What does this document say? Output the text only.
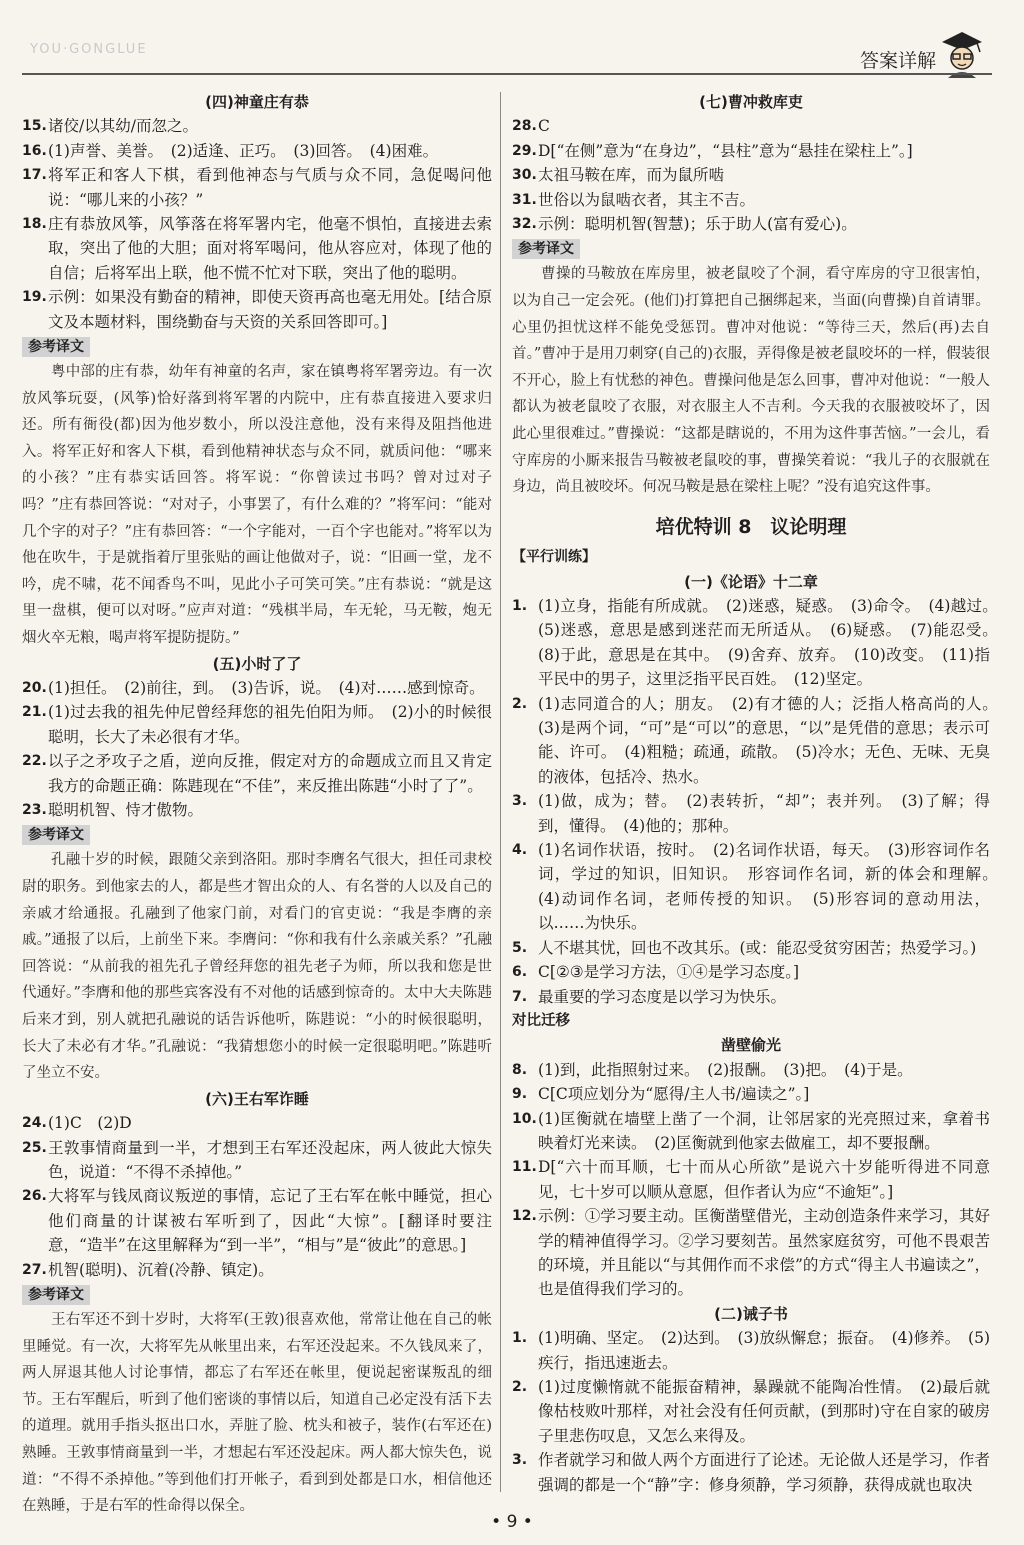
YOU·GONGLUE
答案详解
(四)神童庄有恭
15. 诸佼/以其幼/而忽之。
16. (1)声誉、美誉。　(2)适逢、正巧。　(3)回答。　(4)困难。
17. 将军正和客人下棋，看到他神态与气质与众不同，急促喝问他说：“哪儿来的小孩？”
18. 庄有恭放风筝，风筝落在将军署内宅，他毫不惧怕，直接进去索取，突出了他的大胆；面对将军喝问，他从容应对，体现了他的自信；后将军出上联，他不慌不忙对下联，突出了他的聪明。
19. 示例：如果没有勤奋的精神，即使天资再高也毫无用处。[结合原文及本题材料，围绕勤奋与天资的关系回答即可。]
参考译文
粤中部的庄有恭，幼年有神童的名声，家在镇粤将军署旁边。有一次放风筝玩耍，(风筝)恰好落到将军署的内院中，庄有恭直接进入要求归还。所有衙役(都)因为他岁数小，所以没注意他，没有来得及阻挡他进入。将军正好和客人下棋，看到他精神状态与众不同，就质问他：“哪来的小孩？”庄有恭实话回答。将军说：“你曾读过书吗？曾对过对子吗？”庄有恭回答说：“对对子，小事罢了，有什么难的？”将军问：“能对几个字的对子？”庄有恭回答：“一个字能对，一百个字也能对。”将军以为他在吹牛，于是就指着厅里张贴的画让他做对子，说：“旧画一堂，龙不吟，虎不啸，花不闻香鸟不叫，见此小子可笑可笑。”庄有恭说：“就是这里一盘棋，便可以对呀。”应声对道：“残棋半局，车无轮，马无鞍，炮无烟火卒无粮，喝声将军提防提防。”
(五)小时了了
20. (1)担任。　(2)前往，到。　(3)告诉，说。　(4)对……感到惊奇。
21. (1)过去我的祖先仲尼曾经拜您的祖先伯阳为师。　(2)小的时候很聪明，长大了未必很有才华。
22. 以子之矛攻子之盾，逆向反推，假定对方的命题成立而且又肯定我方的命题正确：陈韪现在“不佳”，来反推出陈韪“小时了了”。
23. 聪明机智、恃才傲物。
参考译文
孔融十岁的时候，跟随父亲到洛阳。那时李膺名气很大，担任司隶校尉的职务。到他家去的人，都是些才智出众的人、有名誉的人以及自己的亲戚才给通报。孔融到了他家门前，对看门的官吏说：“我是李膺的亲戚。”通报了以后，上前坐下来。李膺问：“你和我有什么亲戚关系？”孔融回答说：“从前我的祖先孔子曾经拜您的祖先老子为师，所以我和您是世代通好。”李膺和他的那些宾客没有不对他的话感到惊奇的。太中大夫陈韪后来才到，别人就把孔融说的话告诉他听，陈韪说：“小的时候很聪明，长大了未必有才华。”孔融说：“我猜想您小的时候一定很聪明吧。”陈韪听了坐立不安。
(六)王右军诈睡
24. (1)C　(2)D
25. 王敦事情商量到一半，才想到王右军还没起床，两人彼此大惊失色，说道：“不得不杀掉他。”
26. 大将军与钱凤商议叛逆的事情，忘记了王右军在帐中睡觉，担心他们商量的计谋被右军听到了，因此“大惊”。[翻译时要注意，“造半”在这里解释为“到一半”，“相与”是“彼此”的意思。]
27. 机智(聪明)、沉着(冷静、镇定)。
参考译文
王右军还不到十岁时，大将军(王敦)很喜欢他，常常让他在自己的帐里睡觉。有一次，大将军先从帐里出来，右军还没起来。不久钱凤来了，两人屏退其他人讨论事情，都忘了右军还在帐里，便说起密谋叛乱的细节。王右军醒后，听到了他们密谈的事情以后，知道自己必定没有活下去的道理。就用手指头抠出口水，弄脏了脸、枕头和被子，装作(右军还在)熟睡。王敦事情商量到一半，才想起右军还没起床。两人都大惊失色，说道：“不得不杀掉他。”等到他们打开帐子，看到到处都是口水，相信他还在熟睡，于是右军的性命得以保全。
(七)曹冲救库吏
28. C
29. D[“在侧”意为“在身边”，“县柱”意为“悬挂在梁柱上”。]
30. 太祖马鞍在库，而为鼠所啮
31. 世俗以为鼠啮衣者，其主不吉。
32. 示例：聪明机智(智慧)；乐于助人(富有爱心)。
参考译文
曹操的马鞍放在库房里，被老鼠咬了个洞，看守库房的守卫很害怕，以为自己一定会死。(他们)打算把自己捆绑起来，当面(向曹操)自首请罪。心里仍担忧这样不能免受惩罚。曹冲对他说：“等待三天，然后(再)去自首。”曹冲于是用刀刺穿(自己的)衣服，弄得像是被老鼠咬坏的一样，假装很不开心，脸上有忧愁的神色。曹操问他是怎么回事，曹冲对他说：“一般人都认为被老鼠咬了衣服，对衣服主人不吉利。今天我的衣服被咬坏了，因此心里很难过。”曹操说：“这都是瞎说的，不用为这件事苦恼。”一会儿，看守库房的小厮来报告马鞍被老鼠咬的事，曹操笑着说：“我儿子的衣服就在身边，尚且被咬坏。何况马鞍是悬在梁柱上呢？”没有追究这件事。
培优特训 8　议论明理
【平行训练】
(一)《论语》十二章
1. (1)立身，指能有所成就。　(2)迷惑，疑惑。　(3)命令。　(4)越过。　(5)迷惑，意思是感到迷茫而无所适从。　(6)疑惑。　(7)能忍受。　(8)于此，意思是在其中。　(9)舍弃、放弃。　(10)改变。　(11)指平民中的男子，这里泛指平民百姓。　(12)坚定。
2. (1)志同道合的人；朋友。　(2)有才德的人；泛指人格高尚的人。　(3)是两个词，“可”是“可以”的意思，“以”是凭借的意思；表示可能、许可。　(4)粗糙；疏通，疏散。　(5)冷水；无色、无味、无臭的液体，包括冷、热水。
3. (1)做，成为；替。　(2)表转折，“却”；表并列。　(3)了解；得到，懂得。　(4)他的；那种。
4. (1)名词作状语，按时。　(2)名词作状语，每天。　(3)形容词作名词，学过的知识，旧知识。　形容词作名词，新的体会和理解。　(4)动词作名词，老师传授的知识。　(5)形容词的意动用法，以……为快乐。
5. 人不堪其忧，回也不改其乐。(或：能忍受贫穷困苦；热爱学习。)
6. C[②③是学习方法，①④是学习态度。]
7. 最重要的学习态度是以学习为快乐。
对比迁移
凿壁偷光
8. (1)到，此指照射过来。　(2)报酬。　(3)把。　(4)于是。
9. C[C项应划分为“愿得/主人书/遍读之”。]
10. (1)匡衡就在墙壁上凿了一个洞，让邻居家的光亮照过来，拿着书映着灯光来读。　(2)匡衡就到他家去做雇工，却不要报酬。
11. D[“六十而耳顺，七十而从心所欲”是说六十岁能听得进不同意见，七十岁可以顺从意愿，但作者认为应“不逾矩”。]
12. 示例：①学习要主动。匡衡凿壁借光，主动创造条件来学习，其好学的精神值得学习。②学习要刻苦。虽然家庭贫穷，可他不畏艰苦的环境，并且能以“与其佣作而不求偿”的方式“得主人书遍读之”，也是值得我们学习的。
(二)诫子书
1. (1)明确、坚定。　(2)达到。　(3)放纵懈怠；振奋。　(4)修养。　(5)疾行，指迅速逝去。
2. (1)过度懒惰就不能振奋精神，暴躁就不能陶冶性情。　(2)最后就像枯枝败叶那样，对社会没有任何贡献，(到那时)守在自家的破房子里悲伤叹息，又怎么来得及。
3. 作者就学习和做人两个方面进行了论述。无论做人还是学习，作者强调的都是一个“静”字：修身须静，学习须静，获得成就也取决
• 9 •
